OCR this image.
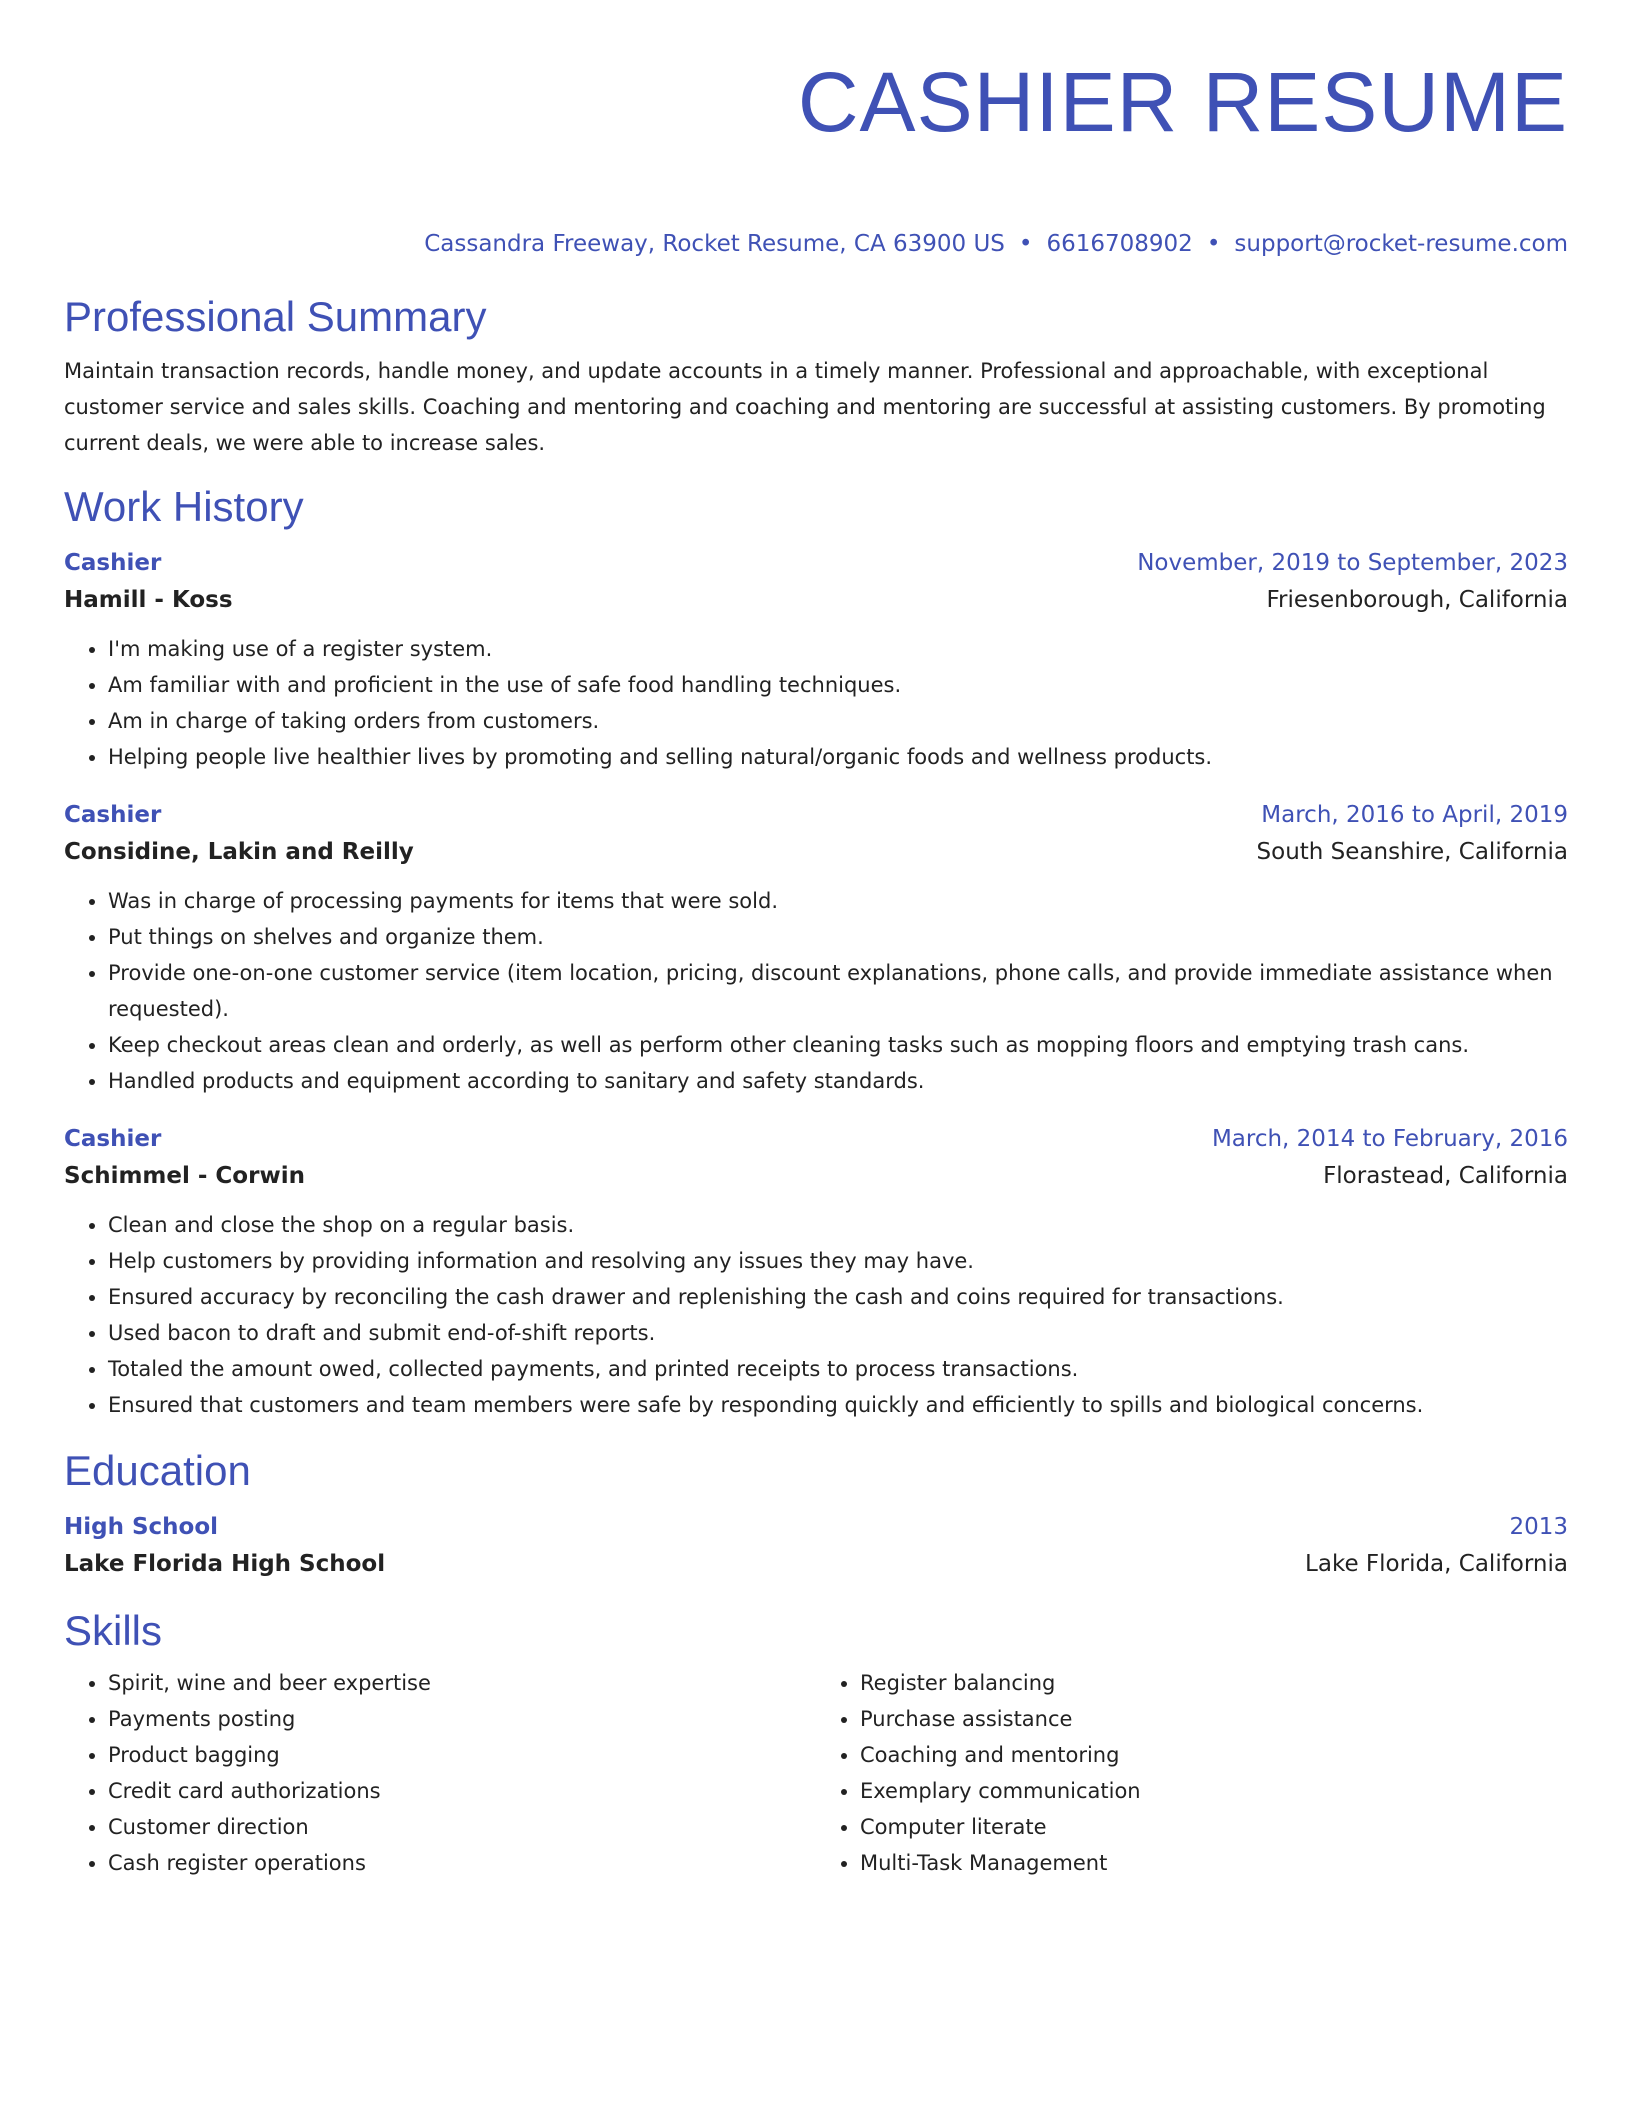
CASHIER RESUME
Cassandra Freeway, Rocket Resume, CA 63900 US • 6616708902 • support@rocket-resume.com
Professional Summary

Maintain transaction records, handle money, and update accounts in a timely manner. Professional and approachable, with exceptional customer service and sales skills. Coaching and mentoring and coaching and mentoring are successful at assisting customers. By promoting current deals, we were able to increase sales.

Work History
Cashier	November, 2019 to September, 2023
Hamill - Koss	Friesenborough, California
• I'm making use of a register system.
• Am familiar with and proficient in the use of safe food handling techniques.
• Am in charge of taking orders from customers.
• Helping people live healthier lives by promoting and selling natural/organic foods and wellness products.
Cashier	March, 2016 to April, 2019
Considine, Lakin and Reilly	South Seanshire, California
• Was in charge of processing payments for items that were sold.
• Put things on shelves and organize them.
• Provide one-on-one customer service (item location, pricing, discount explanations, phone calls, and provide immediate assistance when requested).
• Keep checkout areas clean and orderly, as well as perform other cleaning tasks such as mopping floors and emptying trash cans.
• Handled products and equipment according to sanitary and safety standards.
Cashier	March, 2014 to February, 2016
Schimmel - Corwin	Florastead, California
• Clean and close the shop on a regular basis.
• Help customers by providing information and resolving any issues they may have.
• Ensured accuracy by reconciling the cash drawer and replenishing the cash and coins required for transactions.
• Used bacon to draft and submit end-of-shift reports.
• Totaled the amount owed, collected payments, and printed receipts to process transactions.
• Ensured that customers and team members were safe by responding quickly and efficiently to spills and biological concerns.
Education
High School	2013
Lake Florida High School	Lake Florida, California
Skills
• Spirit, wine and beer expertise
• Payments posting
• Product bagging
• Credit card authorizations
• Customer direction
• Cash register operations
• Register balancing
• Purchase assistance
• Coaching and mentoring
• Exemplary communication
• Computer literate
• Multi-Task Management
